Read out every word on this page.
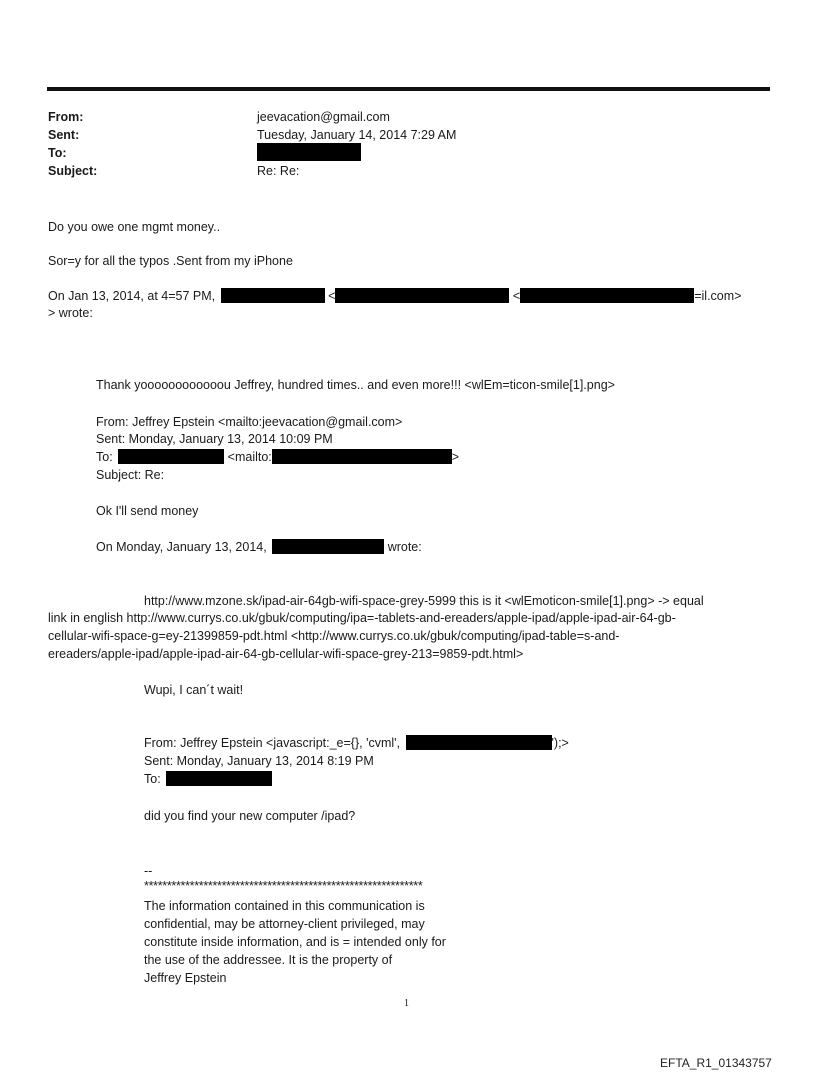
From:	jeevacation@gmail.com
Sent:	Tuesday, January 14, 2014 7:29 AM
To:
Subject:	Re: Re:
Do you owe one mgmt money..
Sor=y for all the typos .Sent from my iPhone
On Jan 13, 2014, at 4=57 PM,	<	<	=il.com>
> wrote:
Thank yoooooooooooou Jeffrey, hundred times.. and even more!!! <wlEm=ticon-smile[1].png>
From: Jeffrey Epstein <mailto:jeevacation@gmail.com>
Sent: Monday, January 13, 2014 10:09 PM
To:	<mailto:	>
Subject: Re:
Ok I'll send money
On Monday, January 13, 2014,	wrote:
http://www.mzone.sk/ipad-air-64gb-wifi-space-grey-5999 this is it <wlEmoticon-smile[1].png> -> equal
link in english http://www.currys.co.uk/gbuk/computing/ipa=-tablets-and-ereaders/apple-ipad/apple-ipad-air-64-gb-
cellular-wifi-space-g=ey-21399859-pdt.html <http://www.currys.co.uk/gbuk/computing/ipad-table=s-and-
ereaders/apple-ipad/apple-ipad-air-64-gb-cellular-wifi-space-grey-213=9859-pdt.html>
Wupi, I can´t wait!
From: Jeffrey Epstein <javascript:_e={}, 'cvml',	');>
Sent: Monday, January 13, 2014 8:19 PM
To:
did you find your new computer /ipad?
--
*************************************************************
The information contained in this communication is
confidential, may be attorney-client privileged, may
constitute inside information, and is = intended only for
the use of the addressee. It is the property of
Jeffrey Epstein
1
EFTA_R1_01343757
